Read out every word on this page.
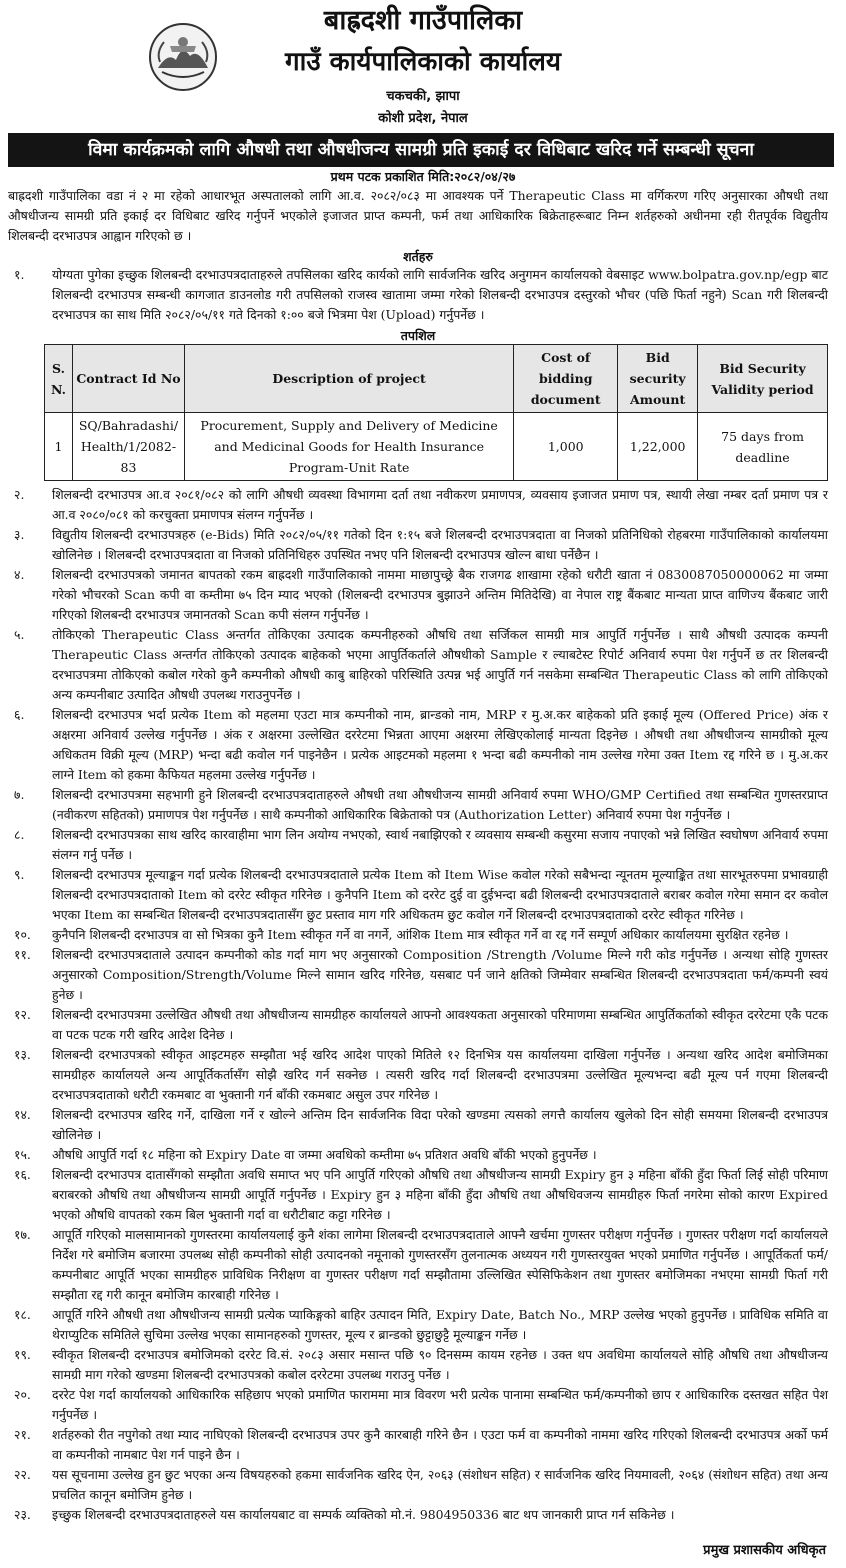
बाह्रदशी गाउँपालिका
गाउँ कार्यपालिकाको कार्यालय
चकचकी, झापा
कोशी प्रदेश, नेपाल
विमा कार्यक्रमको लागि औषधी तथा औषधीजन्य सामग्री प्रति इकाई दर विधिबाट खरिद गर्ने सम्बन्धी सूचना
प्रथम पटक प्रकाशित मिति:२०८२/०४/२७

बाह्रदशी गाउँपालिका वडा नं २ मा रहेको आधारभूत अस्पतालको लागि आ.व. २०८२/०८३ मा आवश्यक पर्ने Therapeutic Class मा वर्गिकरण गरिए अनुसारका औषधी तथा औषधीजन्य सामग्री प्रति इकाई दर विधिबाट खरिद गर्नुपर्ने भएकोले इजाजत प्राप्त कम्पनी, फर्म तथा आधिकारिक बिक्रेताहरूबाट निम्न शर्तहरुको अधीनमा रही रीतपूर्वक विद्युतीय शिलबन्दी दरभाउपत्र आह्वान गरिएको छ ।

शर्तहरु
१.	योग्यता पुगेका इच्छुक शिलबन्दी दरभाउपत्रदाताहरुले तपसिलका खरिद कार्यको लागि सार्वजनिक खरिद अनुगमन कार्यालयको वेबसाइट www.bolpatra.gov.np/egp बाट शिलबन्दी दरभाउपत्र सम्बन्धी कागजात डाउनलोड गरी तपसिलको राजस्व खातामा जम्मा गरेको शिलबन्दी दरभाउपत्र दस्तुरको भौचर (पछि फिर्ता नहुने) Scan गरी शिलबन्दी दरभाउपत्र का साथ मिति २०८२/०५/११ गते दिनको १:०० बजे भित्रमा पेश (Upload) गर्नुपर्नेछ ।
तपशिल
S. N.	Contract Id No	Description of project	Cost of bidding document	Bid security Amount	Bid Security Validity period
1	SQ/Bahradashi/ Health/1/2082-83	Procurement, Supply and Delivery of Medicine and Medicinal Goods for Health Insurance Program-Unit Rate	1,000	1,22,000	75 days from deadline
२.	शिलबन्दी दरभाउपत्र आ.व २०८१/०८२ को लागि औषधी व्यवस्था विभागमा दर्ता तथा नवीकरण प्रमाणपत्र, व्यवसाय इजाजत प्रमाण पत्र, स्थायी लेखा नम्बर दर्ता प्रमाण पत्र र आ.व २०८०/०८१ को करचुक्ता प्रमाणपत्र संलग्न गर्नुपर्नेछ ।
३.	विद्युतीय शिलबन्दी दरभाउपत्रहरु (e-Bids) मिति २०८२/०५/११ गतेको दिन १:१५ बजे शिलबन्दी दरभाउपत्रदाता वा निजको प्रतिनिधिको रोहबरमा गाउँपालिकाको कार्यालयमा खोलिनेछ । शिलबन्दी दरभाउपत्रदाता वा निजको प्रतिनिधिहरु उपस्थित नभए पनि शिलबन्दी दरभाउपत्र खोल्न बाधा पर्नेछैन ।
४.	शिलबन्दी दरभाउपत्रको जमानत बापतको रकम बाह्रदशी गाउँपालिकाको नाममा माछापुच्छ्रे बैक राजगढ शाखामा रहेको धरौटी खाता नं 0830087050000062 मा जम्मा गरेको भौचरको Scan कपी वा कम्तीमा ७५ दिन म्याद भएको (शिलबन्दी दरभाउपत्र बुझाउने अन्तिम मितिदेखि) वा नेपाल राष्ट्र बैंकबाट मान्यता प्राप्त वाणिज्य बैंकबाट जारी गरिएको शिलबन्दी दरभाउपत्र जमानतको Scan कपी संलग्न गर्नुपर्नेछ ।
५.	तोकिएको Therapeutic Class अन्तर्गत तोकिएका उत्पादक कम्पनीहरुको औषधि तथा सर्जिकल सामग्री मात्र आपुर्ति गर्नुपर्नेछ । साथै औषधी उत्पादक कम्पनी Therapeutic Class अन्तर्गत तोकिएको उत्पादक बाहेकको भएमा आपुर्तिकर्ताले औषधीको Sample र ल्याबटेस्ट रिपोर्ट अनिवार्य रुपमा पेश गर्नुपर्ने छ तर शिलबन्दी दरभाउपत्रमा तोकिएको कबोल गरेको कुनै कम्पनीको औषधी काबु बाहिरको परिस्थिति उत्पन्न भई आपुर्ति गर्न नसकेमा सम्बन्धित Therapeutic Class को लागि तोकिएको अन्य कम्पनीबाट उत्पादित औषधी उपलब्ध गराउनुपर्नेछ ।
६.	शिलबन्दी दरभाउपत्र भर्दा प्रत्येक Item को महलमा एउटा मात्र कम्पनीको नाम, ब्रान्डको नाम, MRP र मु.अ.कर बाहेकको प्रति इकाई मूल्य (Offered Price) अंक र अक्षरमा अनिवार्य उल्लेख गर्नुपर्नेछ । अंक र अक्षरमा उल्लेखित दररेटमा भिन्नता आएमा अक्षरमा लेखिएकोलाई मान्यता दिइनेछ । औषधी तथा औषधीजन्य सामग्रीको मूल्य अधिकतम विक्री मूल्य (MRP) भन्दा बढी कवोल गर्न पाइनेछैन । प्रत्येक आइटमको महलमा १ भन्दा बढी कम्पनीको नाम उल्लेख गरेमा उक्त Item रद्द गरिने छ । मु.अ.कर लाग्ने Item को हकमा कैफियत महलमा उल्लेख गर्नुपर्नेछ ।
७.	शिलबन्दी दरभाउपत्रमा सहभागी हुने शिलबन्दी दरभाउपत्रदाताहरुले औषधी तथा औषधीजन्य सामग्री अनिवार्य रुपमा WHO/GMP Certified तथा सम्बन्धित गुणस्तरप्राप्त (नवीकरण सहितको) प्रमाणपत्र पेश गर्नुपर्नेछ । साथै कम्पनीको आधिकारिक बिक्रेताको पत्र (Authorization Letter) अनिवार्य रुपमा पेश गर्नुपर्नेछ ।
८.	शिलबन्दी दरभाउपत्रका साथ खरिद कारवाहीमा भाग लिन अयोग्य नभएको, स्वार्थ नबाझिएको र व्यवसाय सम्बन्धी कसुरमा सजाय नपाएको भन्ने लिखित स्वघोषण अनिवार्य रुपमा संलग्न गर्नु पर्नेछ ।
९.	शिलबन्दी दरभाउपत्र मूल्याङ्कन गर्दा प्रत्येक शिलबन्दी दरभाउपत्रदाताले प्रत्येक Item को Item Wise कवोल गरेको सबैभन्दा न्यूनतम मूल्याङ्कित तथा सारभूतरुपमा प्रभावग्राही शिलबन्दी दरभाउपत्रदाताको Item को दररेट स्वीकृत गरिनेछ । कुनैपनि Item को दररेट दुई वा दुईभन्दा बढी शिलबन्दी दरभाउपत्रदाताले बराबर कवोल गरेमा समान दर कवोल भएका Item का सम्बन्धित शिलबन्दी दरभाउपत्रदातासँग छुट प्रस्ताव माग गरि अधिकतम छुट कवोल गर्ने शिलबन्दी दरभाउपत्रदाताको दररेट स्वीकृत गरिनेछ ।
१०.	कुनैपनि शिलबन्दी दरभाउपत्र वा सो भित्रका कुनै Item स्वीकृत गर्ने वा नगर्ने, आंशिक Item मात्र स्वीकृत गर्ने वा रद्द गर्ने सम्पूर्ण अधिकार कार्यालयमा सुरक्षित रहनेछ ।
११.	शिलबन्दी दरभाउपत्रदाताले उत्पादन कम्पनीको कोड गर्दा माग भए अनुसारको Composition /Strength /Volume मिल्ने गरी कोड गर्नुपर्नेछ । अन्यथा सोहि गुणस्तर अनुसारको Composition/Strength/Volume मिल्ने सामान खरिद गरिनेछ, यसबाट पर्न जाने क्षतिको जिम्मेवार सम्बन्धित शिलबन्दी दरभाउपत्रदाता फर्म/कम्पनी स्वयं हुनेछ ।
१२.	शिलबन्दी दरभाउपत्रमा उल्लेखित औषधी तथा औषधीजन्य सामग्रीहरु कार्यालयले आफ्नो आवश्यकता अनुसारको परिमाणमा सम्बन्धित आपुर्तिकर्ताको स्वीकृत दररेटमा एकै पटक वा पटक पटक गरी खरिद आदेश दिनेछ ।
१३.	शिलबन्दी दरभाउपत्रको स्वीकृत आइटमहरु सम्झौता भई खरिद आदेश पाएको मितिले १२ दिनभित्र यस कार्यालयमा दाखिला गर्नुपर्नेछ । अन्यथा खरिद आदेश बमोजिमका सामग्रीहरु कार्यालयले अन्य आपूर्तिकर्तासँग सोझै खरिद गर्न सक्नेछ । त्यसरी खरिद गर्दा शिलबन्दी दरभाउपत्रमा उल्लेखित मूल्यभन्दा बढी मूल्य पर्न गएमा शिलबन्दी दरभाउपत्रदाताको धरौटी रकमबाट वा भुक्तानी गर्न बाँकी रकमबाट असुल उपर गरिनेछ ।
१४.	शिलबन्दी दरभाउपत्र खरिद गर्ने, दाखिला गर्ने र खोल्ने अन्तिम दिन सार्वजनिक विदा परेको खण्डमा त्यसको लगत्तै कार्यालय खुलेको दिन सोही समयमा शिलबन्दी दरभाउपत्र खोलिनेछ ।
१५.	औषधि आपुर्ति गर्दा १८ महिना को Expiry Date वा जम्मा अवधिको कम्तीमा ७५ प्रतिशत अवधि बाँकी भएको हुनुपर्नेछ ।
१६.	शिलबन्दी दरभाउपत्र दातासँगको सम्झौता अवधि समाप्त भए पनि आपुर्ति गरिएको औषधि तथा औषधीजन्य सामग्री Expiry हुन ३ महिना बाँकी हुँदा फिर्ता लिई सोही परिमाण बराबरको औषधि तथा औषधीजन्य सामग्री आपूर्ति गर्नुपर्नेछ । Expiry हुन ३ महिना बाँकी हुँदा औषधि तथा औषधिवजन्य सामग्रीहरु फिर्ता नगरेमा सोको कारण Expired भएको औषधि वापतको रकम बिल भुक्तानी गर्दा वा धरौटीबाट कट्टा गरिनेछ ।
१७.	आपूर्ति गरिएको मालसामानको गुणस्तरमा कार्यालयलाई कुनै शंका लागेमा शिलबन्दी दरभाउपत्रदाताले आफ्नै खर्चमा गुणस्तर परीक्षण गर्नुपर्नेछ । गुणस्तर परीक्षण गर्दा कार्यालयले निर्देश गरे बमोजिम बजारमा उपलब्ध सोही कम्पनीको सोही उत्पादनको नमूनाको गुणस्तरसँग तुलनात्मक अध्ययन गरी गुणस्तरयुक्त भएको प्रमाणित गर्नुपर्नेछ । आपूर्तिकर्ता फर्म/कम्पनीबाट आपूर्ति भएका सामग्रीहरु प्राविधिक निरीक्षण वा गुणस्तर परीक्षण गर्दा सम्झौतामा उल्लिखित स्पेसिफिकेशन तथा गुणस्तर बमोजिमका नभएमा सामग्री फिर्ता गरी सम्झौता रद्द गरी कानून बमोजिम कारबाही गरिनेछ ।
१८.	आपूर्ति गरिने औषधी तथा औषधीजन्य सामग्री प्रत्येक प्याकिङ्गको बाहिर उत्पादन मिति, Expiry Date, Batch No., MRP उल्लेख भएको हुनुपर्नेछ । प्राविधिक समिति वा थेराप्युटिक समितिले सुचिमा उल्लेख भएका सामानहरुको गुणस्तर, मूल्य र ब्रान्डको छुट्टाछुट्टै मूल्याङ्कन गर्नेछ ।
१९.	स्वीकृत शिलबन्दी दरभाउपत्र बमोजिमको दररेट वि.सं. २०८३ असार मसान्त पछि ९० दिनसम्म कायम रहनेछ । उक्त थप अवधिमा कार्यालयले सोहि औषधि तथा औषधीजन्य सामग्री माग गरेको खण्डमा शिलबन्दी दरभाउपत्रको कबोल दररेटमा उपलब्ध गराउनु पर्नेछ ।
२०.	दररेट पेश गर्दा कार्यालयको आधिकारिक सहिछाप भएको प्रमाणित फाराममा मात्र विवरण भरी प्रत्येक पानामा सम्बन्धित फर्म/कम्पनीको छाप र आधिकारिक दस्तखत सहित पेश गर्नुपर्नेछ ।
२१.	शर्तहरुको रीत नपुगेको तथा म्याद नाघिएको शिलबन्दी दरभाउपत्र उपर कुनै कारबाही गरिने छैन । एउटा फर्म वा कम्पनीको नाममा खरिद गरिएको शिलबन्दी दरभाउपत्र अर्को फर्म वा कम्पनीको नामबाट पेश गर्न पाइने छैन ।
२२.	यस सूचनामा उल्लेख हुन छुट भएका अन्य विषयहरुको हकमा सार्वजनिक खरिद ऐन, २०६३ (संशोधन सहित) र सार्वजनिक खरिद नियमावली, २०६४ (संशोधन सहित) तथा अन्य प्रचलित कानून बमोजिम हुनेछ ।
२३.	इच्छुक शिलबन्दी दरभाउपत्रदाताहरुले यस कार्यालयबाट वा सम्पर्क व्यक्तिको मो.नं. 9804950336 बाट थप जानकारी प्राप्त गर्न सकिनेछ ।
प्रमुख प्रशासकीय अधिकृत
